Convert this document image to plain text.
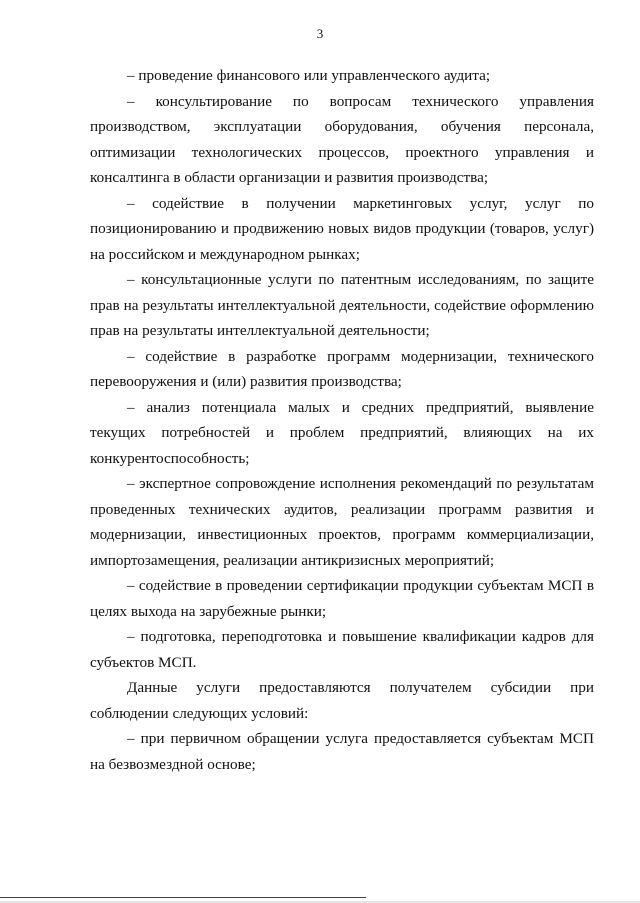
3

– проведение финансового или управленческого аудита;

– консультирование по вопросам технического управления производством, эксплуатации оборудования, обучения персонала, оптимизации технологических процессов, проектного управления и консалтинга в области организации и развития производства;

– содействие в получении маркетинговых услуг, услуг по позиционированию и продвижению новых видов продукции (товаров, услуг) на российском и международном рынках;

– консультационные услуги по патентным исследованиям, по защите прав на результаты интеллектуальной деятельности, содействие оформлению прав на результаты интеллектуальной деятельности;

– содействие в разработке программ модернизации, технического перевооружения и (или) развития производства;

– анализ потенциала малых и средних предприятий, выявление текущих потребностей и проблем предприятий, влияющих на их конкурентоспособность;

– экспертное сопровождение исполнения рекомендаций по результатам проведенных технических аудитов, реализации программ развития и модернизации, инвестиционных проектов, программ коммерциализации, импортозамещения, реализации антикризисных мероприятий;

– содействие в проведении сертификации продукции субъектам МСП в целях выхода на зарубежные рынки;

– подготовка, переподготовка и повышение квалификации кадров для субъектов МСП.

Данные услуги предоставляются получателем субсидии при соблюдении следующих условий:

– при первичном обращении услуга предоставляется субъектам МСП на безвозмездной основе;
